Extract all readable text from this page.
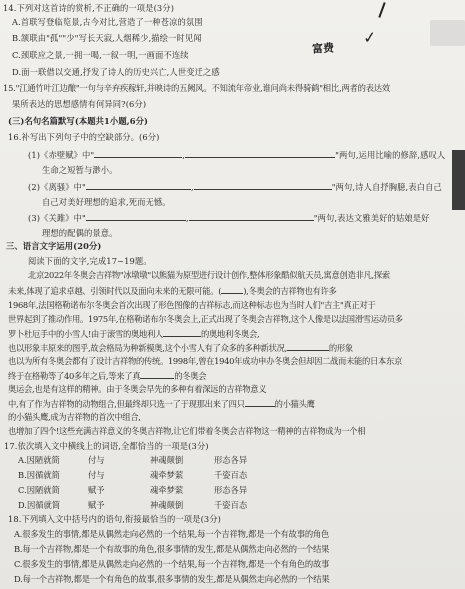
✓
富费
14.下列对这首诗的赏析,不正确的一项是(3分)
A.首联写登临览景,古今对比,营造了一种苍凉的氛围
B.颔联由"孤""少"写长天寂,人烟稀少,描绘一时见闻
C.颈联应之景,一拥一喝,一叙一明,一画面不连续
D.面一联借以交通,抒发了诗人的历史兴亡,人世变迁之感
15."江通竹叶江边酿"一句与辛弃疾稼轩,并映诗的五阙风。不知流年帝业,谁问尚未得骑鹤"相比,两者的表达效
果所表达的思想感情有何异同?(6分)
(三)名句名篇默写(本题共1小题,6分)
16.补写出下列句子中的空缺部分。(6分)
(1)《赤壁赋》中"	,	"两句,运用比喻的修辞,感叹人
生命之短暂与渺小。
(2)《离骚》中"	,	"两句,诗人自抒胸臆,表白自己
自己对美好理想的追求,死而无憾。
(3)《关雎》中"	,	"两句,表达文雅美好的姑娘是好
理想的配偶的景意。
三、语言文字运用(20分)
阅读下面的文字,完成17~19题。
北京2022年冬奥会吉祥物"冰墩墩"以熊猫为原型进行设计创作,整体形象酷似航天员,寓意创造非凡,探索
未来,体现了追求卓越、引领时代以及面向未来的无限可能。(	),冬奥会的吉祥物也有许多
1968年,法国格勒诺布尔冬奥会首次出现了形色图像的吉祥标志,而这种标志也为当时人们"吉主"真正对于
世界起到了推动作用。1975年,在格勒诺布尔冬奥会上,正式出现了冬奥会吉祥物,这个人像是以法国滑雪运动员多
罗卜杜厄手中的小雪人!由于滚雪的奥地利人	的奥地利冬奥会,
也以形象丰原来的图乎,故会格局为种新模奥,这个小雪人有了众多的多种新状况,	的形象
也以为所有冬奥会都有了设计吉祥物的传统。1998年,曾在1940年成功申办冬奥会但却因二战而未能的日本东京
终于在格勒等了40多年之后,等来了真	的冬奥会
奥运会,也是有这样的精神。由于冬奥会早先的多种有着深远的吉祥物意义
中,有了作为吉祥物的动物组合,但最终却只选一了于现那出来了四只	的小猫头鹰
的小猫头鹰,成为吉祥物的首次中组合,
也增加了四个!这些充满吉祥意义的冬奥吉祥物,让它们带着冬奥会吉祥物这一精神的吉祥物成为一个相
17.依次填入文中横线上的词语,全都恰当的一项是(3分)
A.因陋就简	付与	神魂颠倒	形态各异
B.因循就简	付与	魂牵梦萦	千姿百态
C.因陋就简	赋予	魂牵梦萦	形态各异
D.因循就简	赋予	神魂颠倒	千姿百态
18.下列填入文中括号内的语句,衔接最恰当的一项是(3分)
A.很多发生的事情,都是从偶然走向必然的一个结果,每一个吉祥物,都是一个有故事的角色
B.每一个吉祥物,都是一个有故事的角色,很多事情的发生,都是从偶然走向必然的一个结果
C.很多发生的事情,都是从偶然走向必然的一个结果,每一个吉祥物,都是一个有角色的故事
D.每一个吉祥物,都是一个有角色的故事,很多事情的发生,都是从偶然走向必然的一个结果
